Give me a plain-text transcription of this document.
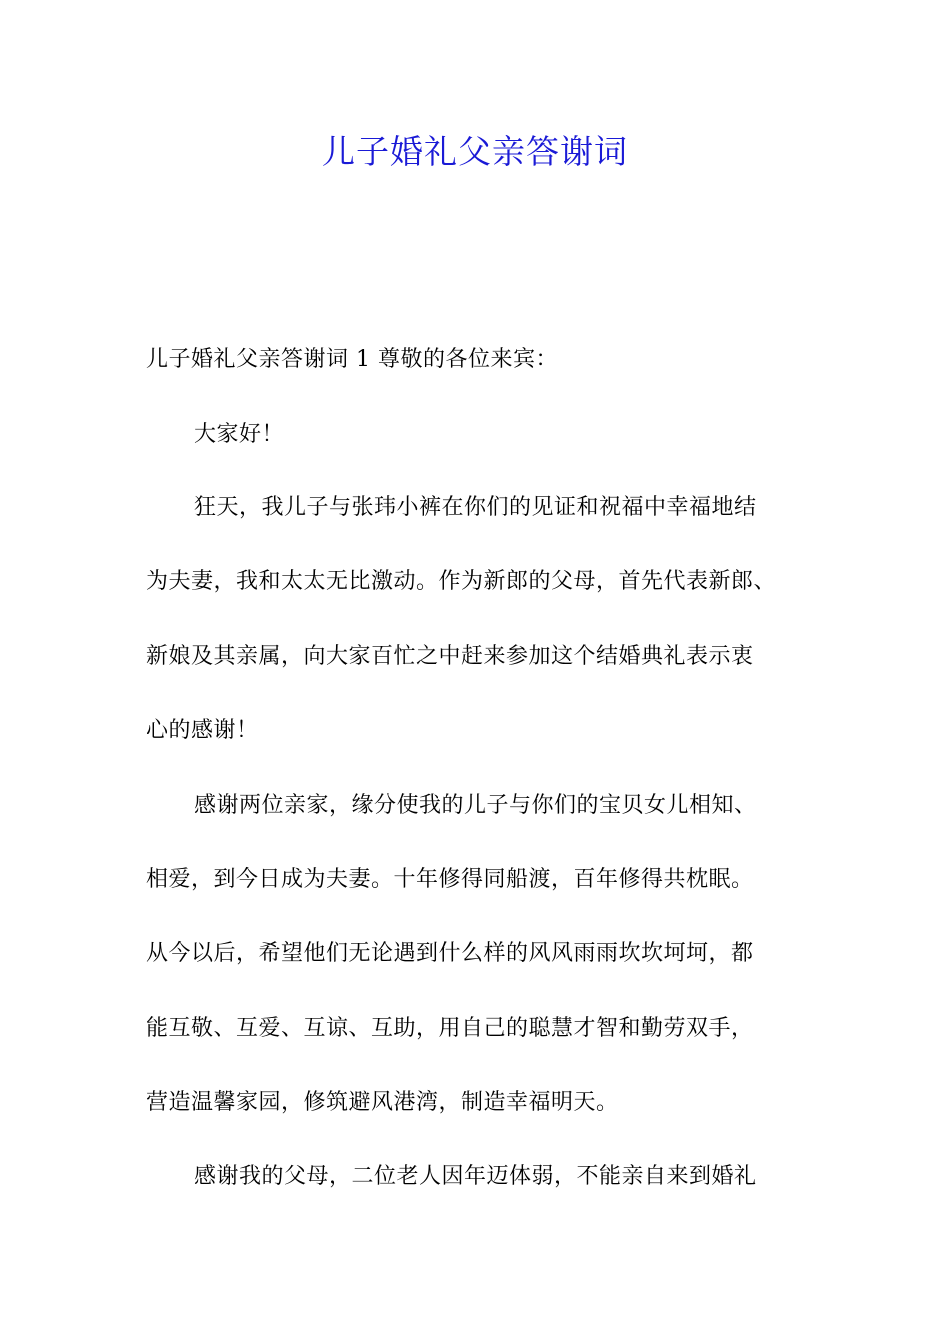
儿子婚礼父亲答谢词
儿子婚礼父亲答谢词 1 尊敬的各位来宾：
大家好！
狂天，我儿子与张玮小裤在你们的见证和祝福中幸福地结
为夫妻，我和太太无比激动。作为新郎的父母，首先代表新郎、
新娘及其亲属，向大家百忙之中赶来参加这个结婚典礼表示衷
心的感谢！
感谢两位亲家，缘分使我的儿子与你们的宝贝女儿相知、
相爱，到今日成为夫妻。十年修得同船渡，百年修得共枕眠。
从今以后，希望他们无论遇到什么样的风风雨雨坎坎坷坷，都
能互敬、互爱、互谅、互助，用自己的聪慧才智和勤劳双手，
营造温馨家园，修筑避风港湾，制造幸福明天。
感谢我的父母，二位老人因年迈体弱，不能亲自来到婚礼
